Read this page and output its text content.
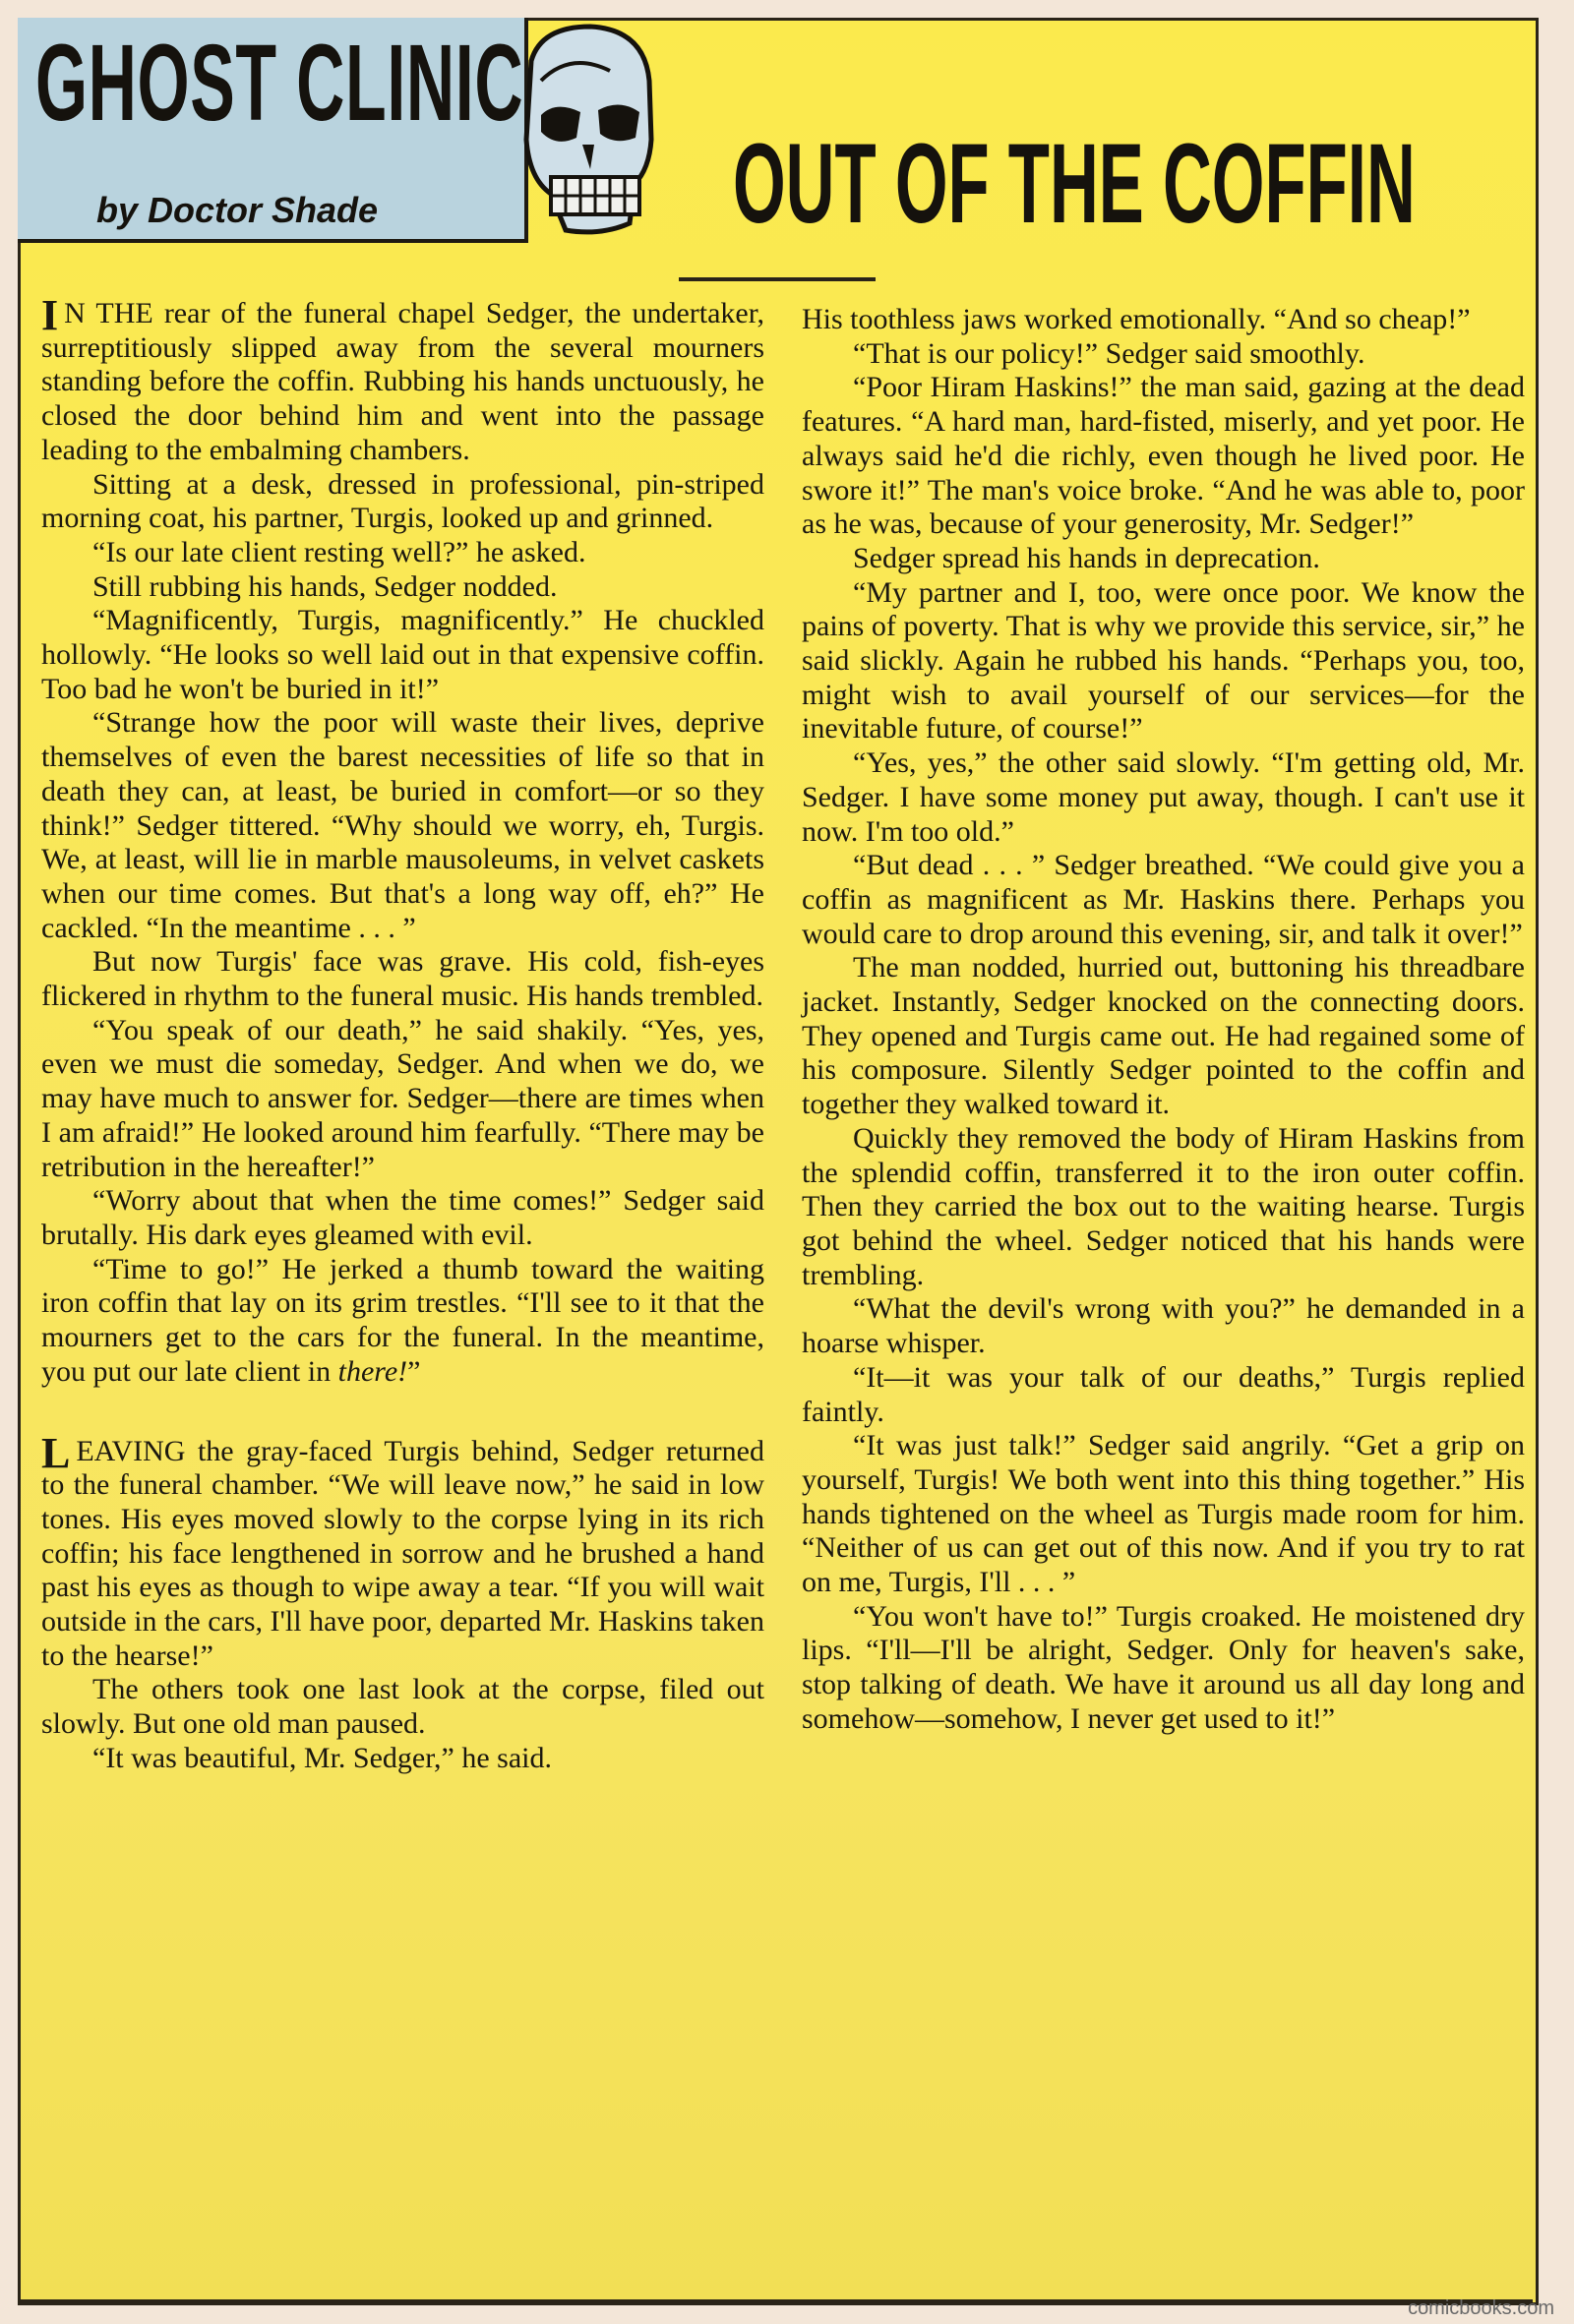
GHOST CLINIC
by Doctor Shade	OUT OF THE COFFIN

I N THE rear of the funeral chapel Sedger, the undertaker, surreptitiously slipped away from the several mourners standing before the coffin. Rubbing his hands unctuously, he closed the door behind him and went into the passage leading to the embalming chambers.

Sitting at a desk, dressed in professional, pin-striped morning coat, his partner, Turgis, looked up and grinned.

“Is our late client resting well?” he asked.

Still rubbing his hands, Sedger nodded.

“Magnificently, Turgis, magnificently.” He chuckled hollowly. “He looks so well laid out in that expensive coffin. Too bad he won't be buried in it!”

“Strange how the poor will waste their lives, deprive themselves of even the barest necessities of life so that in death they can, at least, be buried in comfort—or so they think!” Sedger tittered. “Why should we worry, eh, Turgis. We, at least, will lie in marble mausoleums, in velvet caskets when our time comes. But that's a long way off, eh?” He cackled. “In the meantime . . . ”

But now Turgis' face was grave. His cold, fish-eyes flickered in rhythm to the funeral music. His hands trembled.

“You speak of our death,” he said shakily. “Yes, yes, even we must die someday, Sedger. And when we do, we may have much to answer for. Sedger—there are times when I am afraid!” He looked around him fearfully. “There may be retribution in the hereafter!”

“Worry about that when the time comes!” Sedger said brutally. His dark eyes gleamed with evil.

“Time to go!” He jerked a thumb toward the waiting iron coffin that lay on its grim trestles. “I'll see to it that the mourners get to the cars for the funeral. In the meantime, you put our late client in there!”

L EAVING the gray-faced Turgis behind, Sedger returned to the funeral chamber. “We will leave now,” he said in low tones. His eyes moved slowly to the corpse lying in its rich coffin; his face lengthened in sorrow and he brushed a hand past his eyes as though to wipe away a tear. “If you will wait outside in the cars, I'll have poor, departed Mr. Haskins taken to the hearse!”

The others took one last look at the corpse, filed out slowly. But one old man paused.

“It was beautiful, Mr. Sedger,” he said.

His toothless jaws worked emotionally. “And so cheap!”

“That is our policy!” Sedger said smoothly.

“Poor Hiram Haskins!” the man said, gazing at the dead features. “A hard man, hard-fisted, miserly, and yet poor. He always said he'd die richly, even though he lived poor. He swore it!” The man's voice broke. “And he was able to, poor as he was, because of your generosity, Mr. Sedger!”

Sedger spread his hands in deprecation.

“My partner and I, too, were once poor. We know the pains of poverty. That is why we provide this service, sir,” he said slickly. Again he rubbed his hands. “Perhaps you, too, might wish to avail yourself of our services—for the inevitable future, of course!”

“Yes, yes,” the other said slowly. “I'm getting old, Mr. Sedger. I have some money put away, though. I can't use it now. I'm too old.”

“But dead . . . ” Sedger breathed. “We could give you a coffin as magnificent as Mr. Haskins there. Perhaps you would care to drop around this evening, sir, and talk it over!”

The man nodded, hurried out, buttoning his threadbare jacket. Instantly, Sedger knocked on the connecting doors. They opened and Turgis came out. He had regained some of his composure. Silently Sedger pointed to the coffin and together they walked toward it.

Quickly they removed the body of Hiram Haskins from the splendid coffin, transferred it to the iron outer coffin. Then they carried the box out to the waiting hearse. Turgis got behind the wheel. Sedger noticed that his hands were trembling.

“What the devil's wrong with you?” he demanded in a hoarse whisper.

“It—it was your talk of our deaths,” Turgis replied faintly.

“It was just talk!” Sedger said angrily. “Get a grip on yourself, Turgis! We both went into this thing together.” His hands tightened on the wheel as Turgis made room for him. “Neither of us can get out of this now. And if you try to rat on me, Turgis, I'll . . . ”

“You won't have to!” Turgis croaked. He moistened dry lips. “I'll—I'll be alright, Sedger. Only for heaven's sake, stop talking of death. We have it around us all day long and somehow—somehow, I never get used to it!”

comicbooks.com
